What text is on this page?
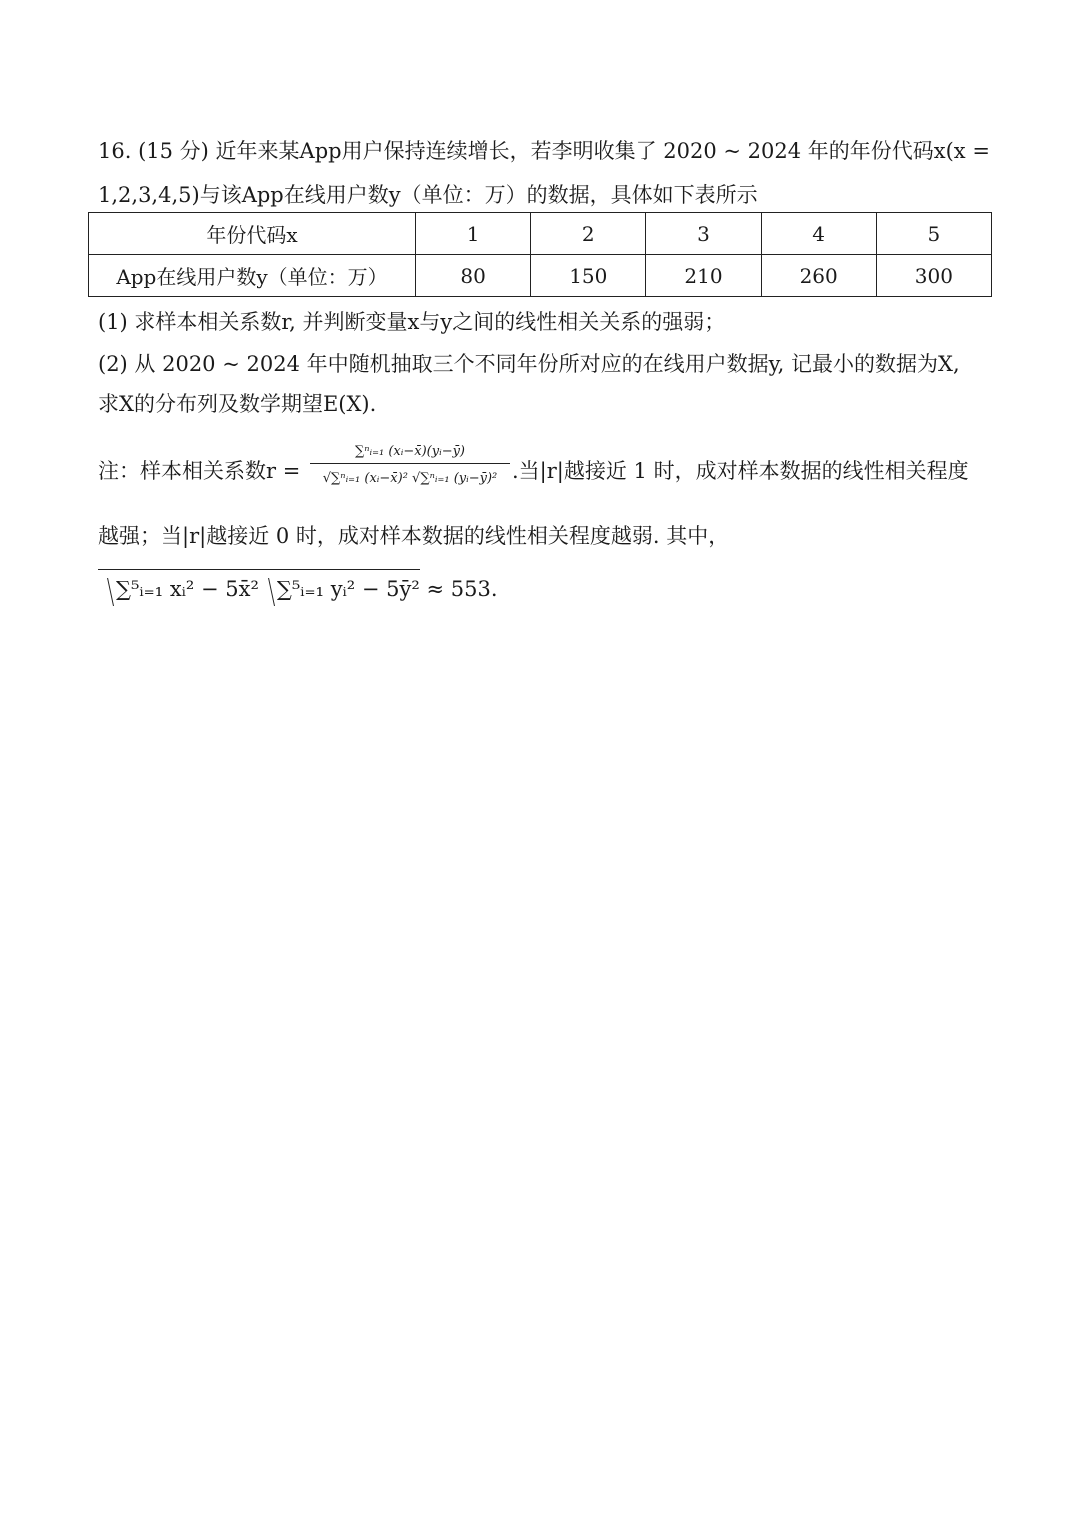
16. (15 分) 近年来某App用户保持连续增长，若李明收集了 2020 ~ 2024 年的年份代码x(x =
1,2,3,4,5)与该App在线用户数y（单位：万）的数据，具体如下表所示
年份代码x	1	2	3	4	5
App在线用户数y（单位：万）	80	150	210	260	300
(1) 求样本相关系数r, 并判断变量x与y之间的线性相关关系的强弱；
(2) 从 2020 ~ 2024 年中随机抽取三个不同年份所对应的在线用户数据y, 记最小的数据为X,
求X的分布列及数学期望E(X).
注：样本相关系数$r = \frac{\text{∑ⁿᵢ₌₁ (xᵢ−x̄)(yᵢ−ȳ)}}{\text{√∑ⁿᵢ₌₁ (xᵢ−x̄)² √∑ⁿᵢ₌₁ (yᵢ−ȳ)²}}$ .当|r|越接近 1 时，成对样本数据的线性相关程度
越强；当|r|越接近 0 时，成对样本数据的线性相关程度越弱. 其中，
∑⁵ᵢ₌₁ xᵢ² − 5x̄² ∑⁵ᵢ₌₁ yᵢ² − 5ȳ² ≈ 553.
